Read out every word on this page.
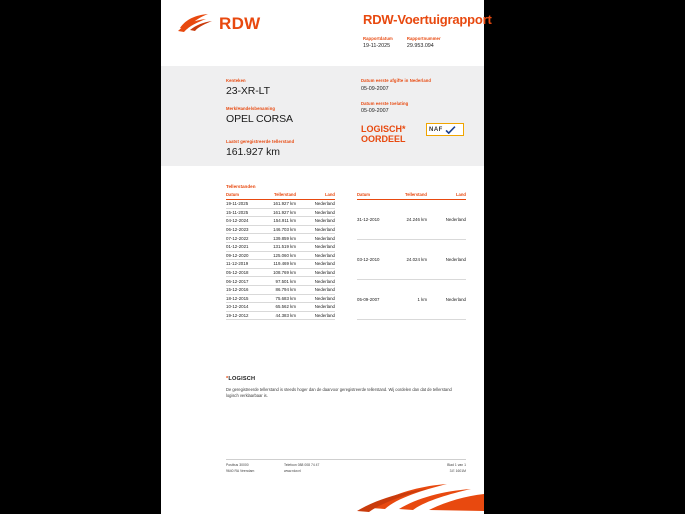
RDW	RDW-Voertuigrapport
Rapportdatum
19-11-2025
Rapportnummer
29.953.094
Kenteken
23-XR-LT
Merk/Handelsbenaming
OPEL CORSA
Laatst geregistreerde tellerstand
161.927 km
Datum eerste afgifte in Nederland
05-09-2007
Datum eerste toelating
05-09-2007
LOGISCH*
OORDEEL
NAF
Tellerstanden
Datum	Tellerstand	Land
19-11-2025	161.927 km	Nederland
15-11-2025	161.927 km	Nederland
04-12-2024	154.911 km	Nederland
06-12-2023	146.703 km	Nederland
07-12-2022	139.859 km	Nederland
01-12-2021	131.519 km	Nederland
09-12-2020	125.060 km	Nederland
11-12-2019	119.469 km	Nederland
05-12-2018	108.769 km	Nederland
06-12-2017	97.501 km	Nederland
15-12-2016	86.794 km	Nederland
18-12-2015	75.683 km	Nederland
10-12-2014	65.562 km	Nederland
19-12-2012	44.383 km	Nederland
Datum	Tellerstand	Land
31-12-2010	24.246 km	Nederland
03-12-2010	24.024 km	Nederland
05-09-2007	1 km	Nederland
*LOGISCH
De geregistreerde tellerstand is steeds hoger dan de daarvoor geregistreerde tellerstand. Wij oordelen dan dat de tellerstand logisch verklaarbaar is.
Postbus 30000
9640 RA Veendam
Telefoon 088 008 74 47
www.rdw.nl
Blad 1 van 1
3.E 1601M
